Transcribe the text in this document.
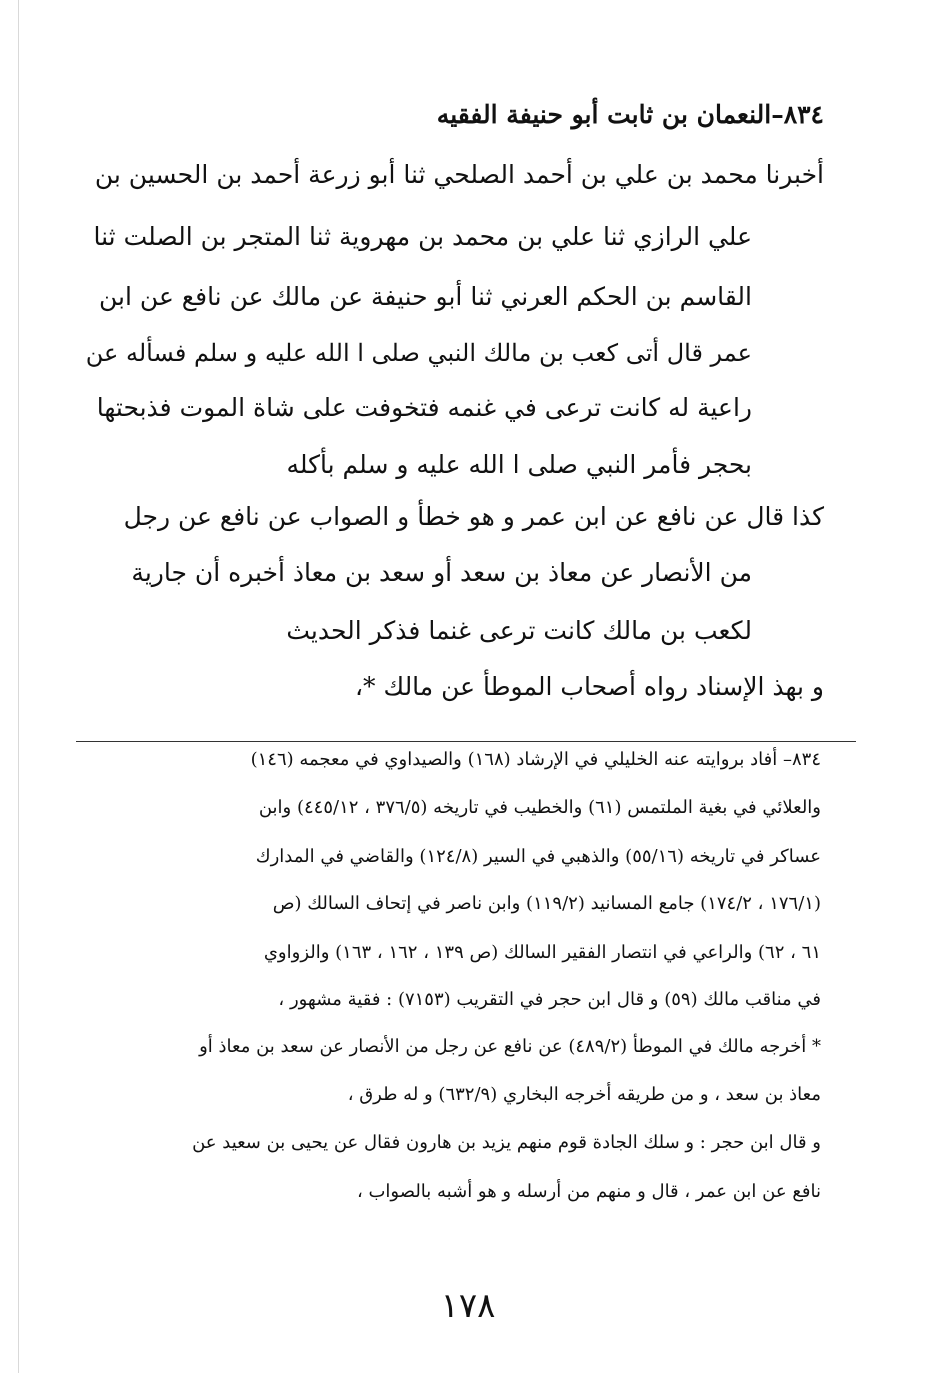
٨٣٤–النعمان بن ثابت أبو حنيفة الفقيه
أخبرنا محمد بن علي بن أحمد الصلحي ثنا أبو زرعة أحمد بن الحسين بن
علي الرازي ثنا علي بن محمد بن مهروية ثنا المتجر بن الصلت ثنا
القاسم بن الحكم العرني ثنا أبو حنيفة عن مالك عن نافع عن ابن
عمر قال أتى كعب بن مالك النبي صلى ا الله عليه و سلم فسأله عن
راعية له كانت ترعى في غنمه فتخوفت على شاة الموت فذبحتها
بحجر فأمر النبي صلى ا الله عليه و سلم بأكله
كذا قال عن نافع عن ابن عمر و هو خطأ و الصواب عن نافع عن رجل
من الأنصار عن معاذ بن سعد أو سعد بن معاذ أخبره أن جارية
لكعب بن مالك كانت ترعى غنما فذكر الحديث
و بهذ الإسناد رواه أصحاب الموطأ عن مالك *،
٨٣٤– أفاد بروايته عنه الخليلي في الإرشاد (١٦٨) والصيداوي في معجمه (١٤٦)
والعلائي في بغية الملتمس (٦١) والخطيب في تاريخه (٣٧٦/٥ ، ٤٤٥/١٢) وابن
عساكر في تاريخه (٥٥/١٦) والذهبي في السير (١٢٤/٨) والقاضي في المدارك
(١٧٦/١ ، ١٧٤/٢) جامع المسانيد (١١٩/٢) وابن ناصر في إتحاف السالك (ص
٦١ ، ٦٢) والراعي في انتصار الفقير السالك (ص ١٣٩ ، ١٦٢ ، ١٦٣) والزواوي
في مناقب مالك (٥٩) و قال ابن حجر في التقريب (٧١٥٣) : فقية مشهور ،
* أخرجه مالك في الموطأ (٤٨٩/٢) عن نافع عن رجل من الأنصار عن سعد بن معاذ أو
معاذ بن سعد ، و من طريقه أخرجه البخاري (٦٣٢/٩) و له طرق ،
و قال ابن حجر : و سلك الجادة قوم منهم يزيد بن هارون فقال عن يحيى بن سعيد عن
نافع عن ابن عمر ، قال و منهم من أرسله و هو أشبه بالصواب ،
١٧٨
